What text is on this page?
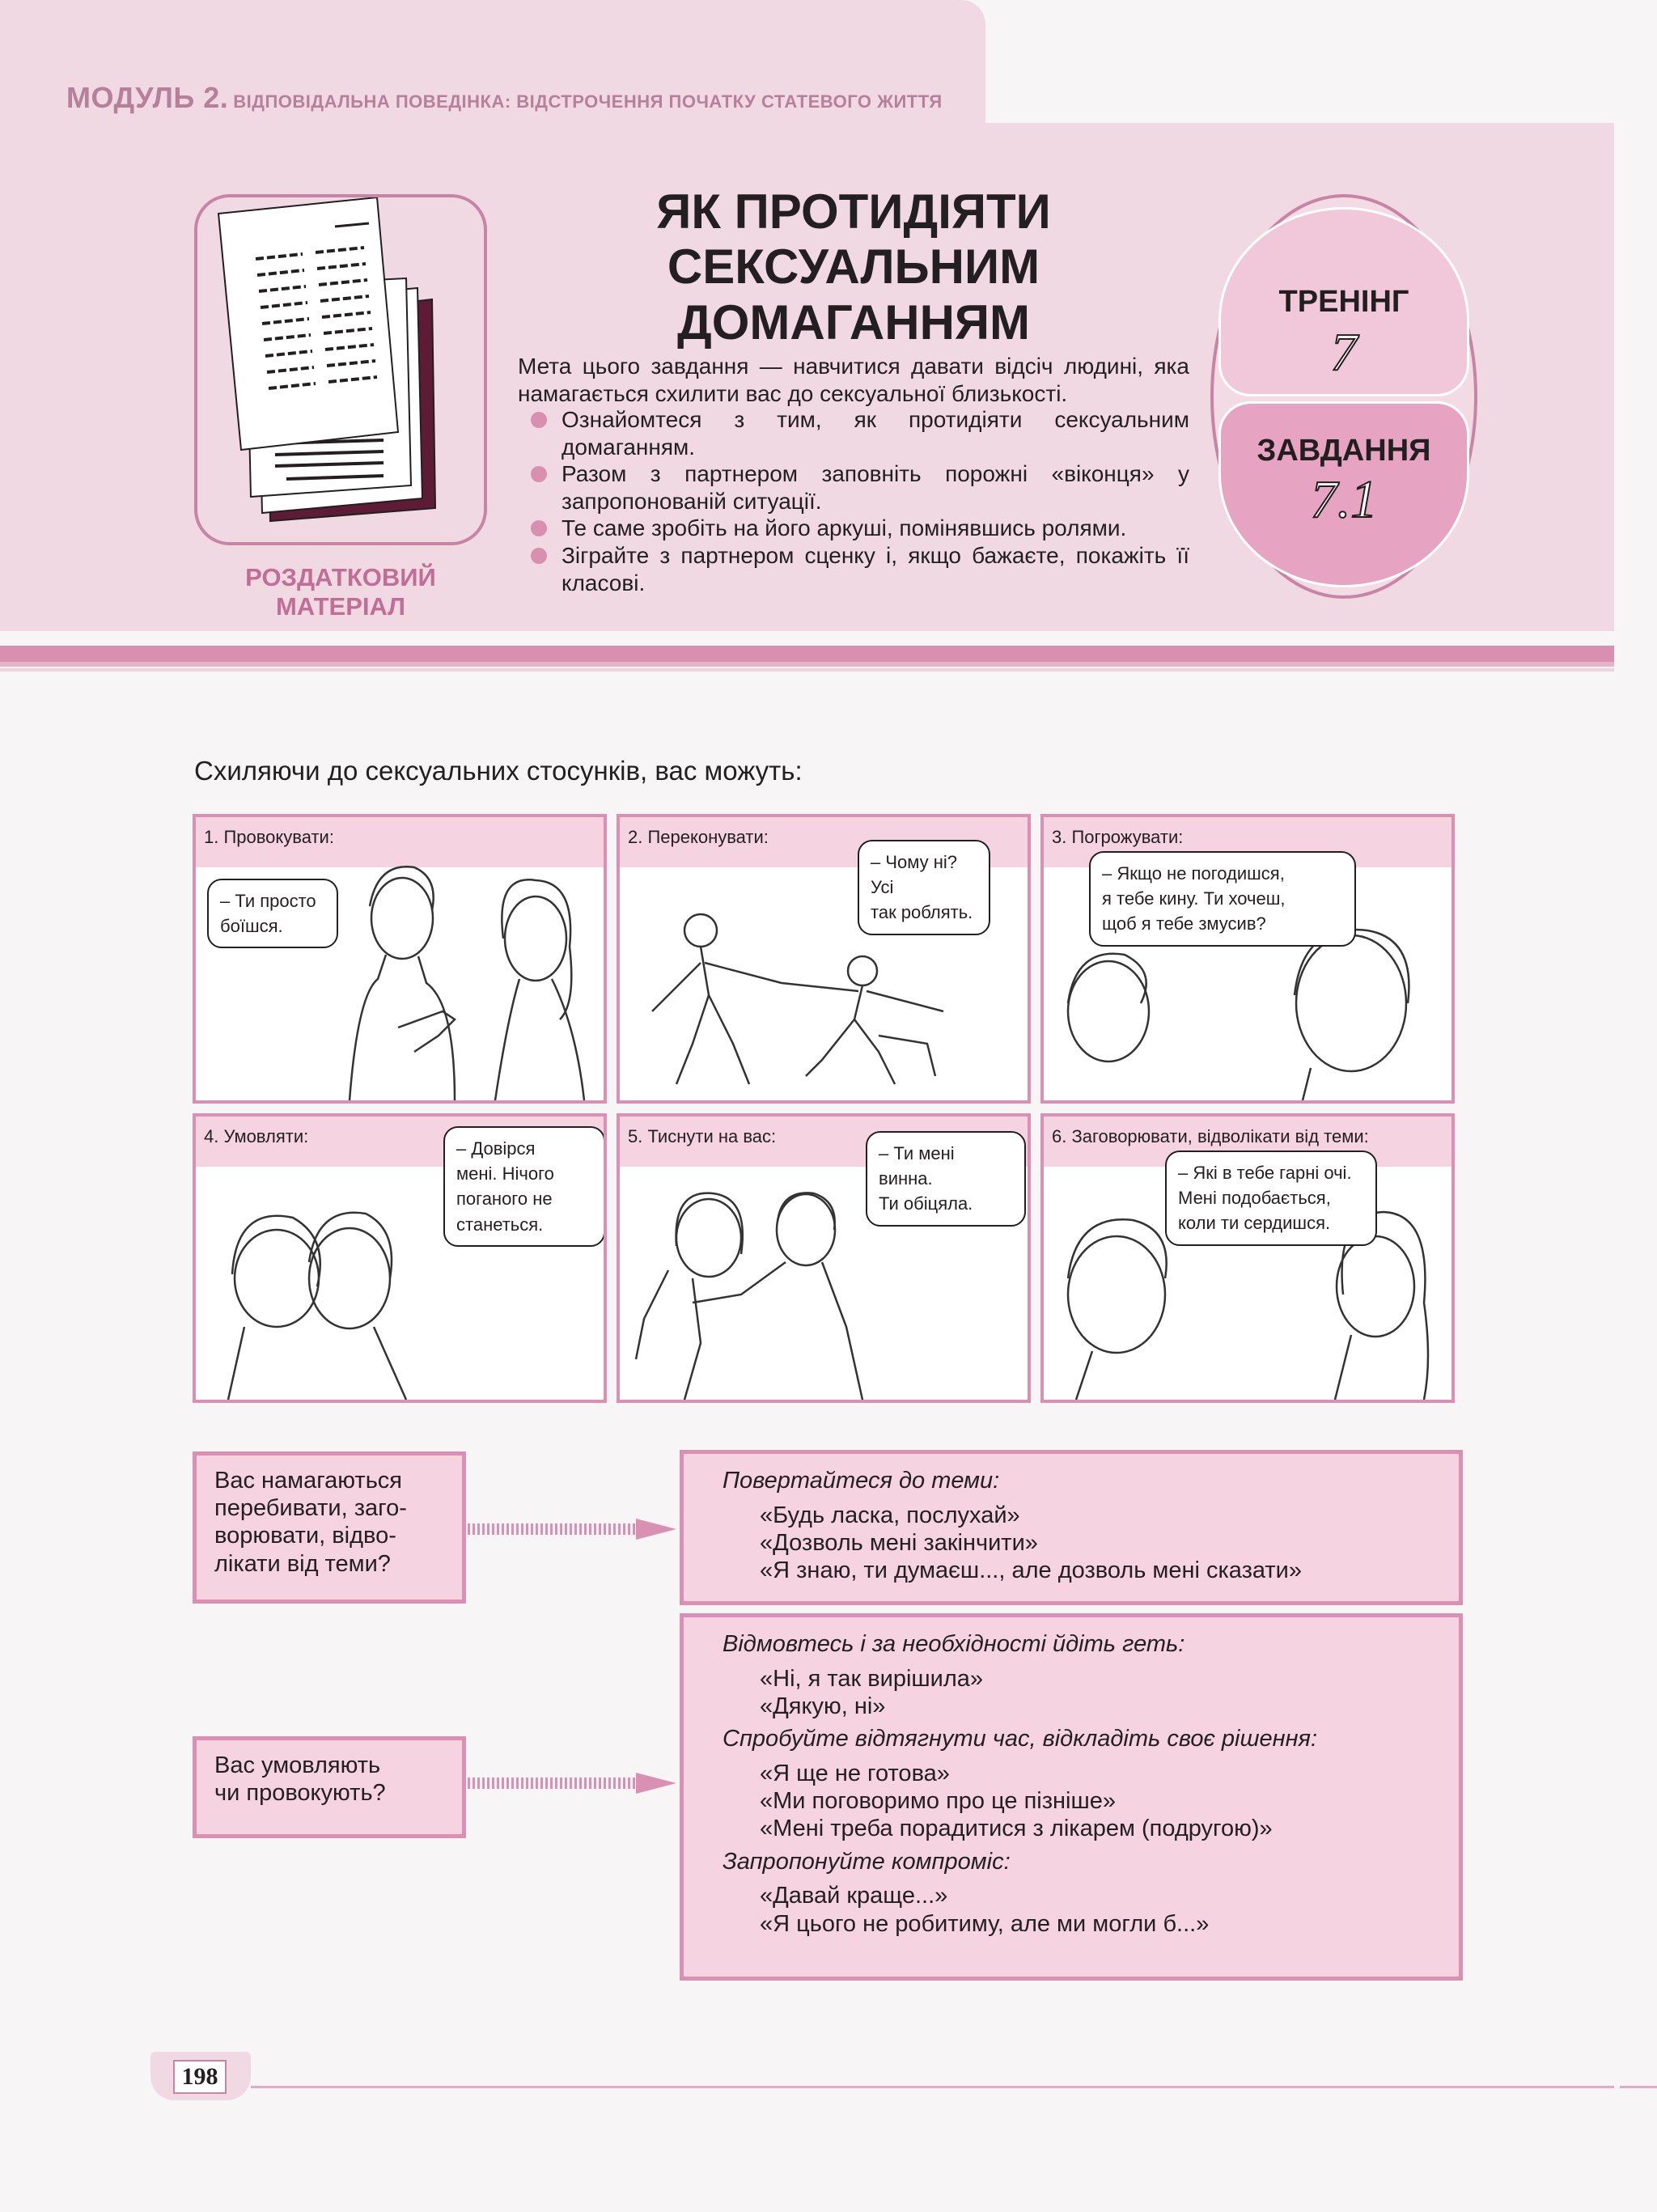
МОДУЛЬ 2. ВІДПОВІДАЛЬНА ПОВЕДІНКА: ВІДСТРОЧЕННЯ ПОЧАТКУ СТАТЕВОГО ЖИТТЯ
РОЗДАТКОВИЙ
МАТЕРІАЛ
ЯК ПРОТИДІЯТИ
СЕКСУАЛЬНИМ
ДОМАГАННЯМ
Мета цього завдання — навчитися давати відсіч людині, яка намагається схилити вас до сексуальної близькості.
Ознайомтеся з тим, як протидіяти сексуальним домаганням.
Разом з партнером заповніть порожні «віконця» у запропонованій ситуації.
Те саме зробіть на його аркуші, помінявшись ролями.
Зіграйте з партнером сценку і, якщо бажаєте, покажіть її класові.
ТРЕНІНГ
7
ЗАВДАННЯ
7.1
Схиляючи до сексуальних стосунків, вас можуть:
1. Провокувати:
– Ти просто
боїшся.
2. Переконувати:
– Чому ні? Усі
так роблять.
3. Погрожувати:
– Якщо не погодишся,
я тебе кину. Ти хочеш,
щоб я тебе змусив?
4. Умовляти:
– Довірся
мені. Нічого
поганого не
станеться.
5. Тиснути на вас:
– Ти мені винна.
Ти обіцяла.
6. Заговорювати, відволікати від теми:
– Які в тебе гарні очі.
Мені подобається,
коли ти сердишся.
Вас намагаються
перебивати, заго-
ворювати, відво-
лікати від теми?
Повертайтеся до теми:
«Будь ласка, послухай»
«Дозволь мені закінчити»
«Я знаю, ти думаєш..., але дозволь мені сказати»
Вас умовляють
чи провокують?
Відмовтесь і за необхідності йдіть геть:
«Ні, я так вирішила»
«Дякую, ні»
Спробуйте відтягнути час, відкладіть своє рішення:
«Я ще не готова»
«Ми поговоримо про це пізніше»
«Мені треба порадитися з лікарем (подругою)»
Запропонуйте компроміс:
«Давай краще...»
«Я цього не робитиму, але ми могли б...»
198
